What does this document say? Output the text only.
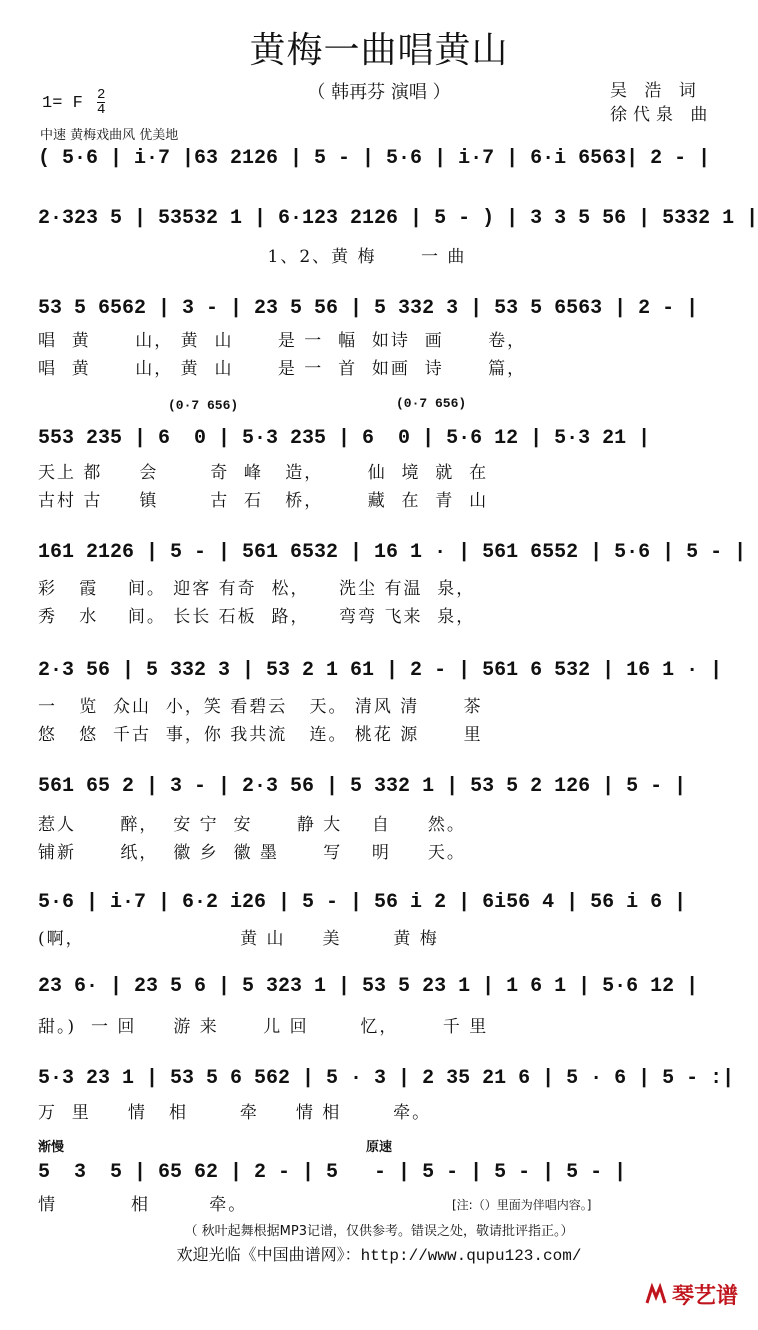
黄梅一曲唱黄山
（ 韩再芬 演唱 ）	吴 浩 词
徐代泉 曲
1= F $\frac{2}{4}$
中速 黄梅戏曲风 优美地
( 5·6 | i·7 |63 2126 | 5 - | 5·6 | i·7 | 6·i 6563| 2 - |
2·323 5 | 53532 1 | 6·123 2126 | 5 - ) | 3 3 5 56 | 5332 1 |
1、2、黄 梅      一 曲
53 5 6562 | 3 - | 23 5 56 | 5 332 3 | 53 5 6563 | 2 - |
唱  黄      山， 黄  山      是 一  幅  如诗  画      卷，
唱  黄      山， 黄  山      是 一  首  如画  诗      篇，
(0·7 656)	(0·7 656)
553 235 | 6  0 | 5·3 235 | 6  0 | 5·6 12 | 5·3 21 |
天上 都     会       奇  峰   造，      仙  境  就  在
古村 古     镇       古  石   桥，      藏  在  青  山
161 2126 | 5 - | 561 6532 | 16 1 · | 561 6552 | 5·6 | 5 - |
彩   霞    间。 迎客 有奇  松，    洗尘 有温  泉，
秀   水    间。 长长 石板  路，    弯弯 飞来  泉，
2·3 56 | 5 332 3 | 53 2 1 61 | 2 - | 561 6 532 | 16 1 · |
一   览  众山  小，笑 看碧云   天。 清风 清      茶
悠   悠  千古  事，你 我共流   连。 桃花 源      里
561 65 2 | 3 - | 2·3 56 | 5 332 1 | 53 5 2 126 | 5 - |
惹人      醉，  安 宁  安      静 大    自     然。
铺新      纸，  徽 乡  徽 墨      写    明     天。
5·6 | i·7 | 6·2 i26 | 5 - | 56 i 2 | 6i56 4 | 56 i 6 |
(啊，                     黄 山     美       黄 梅
23 6· | 23 5 6 | 5 323 1 | 53 5 23 1 | 1 6 1 | 5·6 12 |
甜。)  一 回     游 来      儿 回       忆，      千 里
5·3 23 1 | 53 5 6 562 | 5 · 3 | 2 35 21 6 | 5 · 6 | 5 - :|
万  里     情   相       牵     情 相       牵。
渐慢	原速
5  3  5 | 65 62 | 2 - | 5   - | 5 - | 5 - | 5 - |
情          相        牵。	[注:（）里面为伴唱内容。]
（ 秋叶起舞根据MP3记谱，仅供参考。错误之处，敬请批评指正。）
欢迎光临《中国曲谱网》：http://www.qupu123.com/
琴艺谱
